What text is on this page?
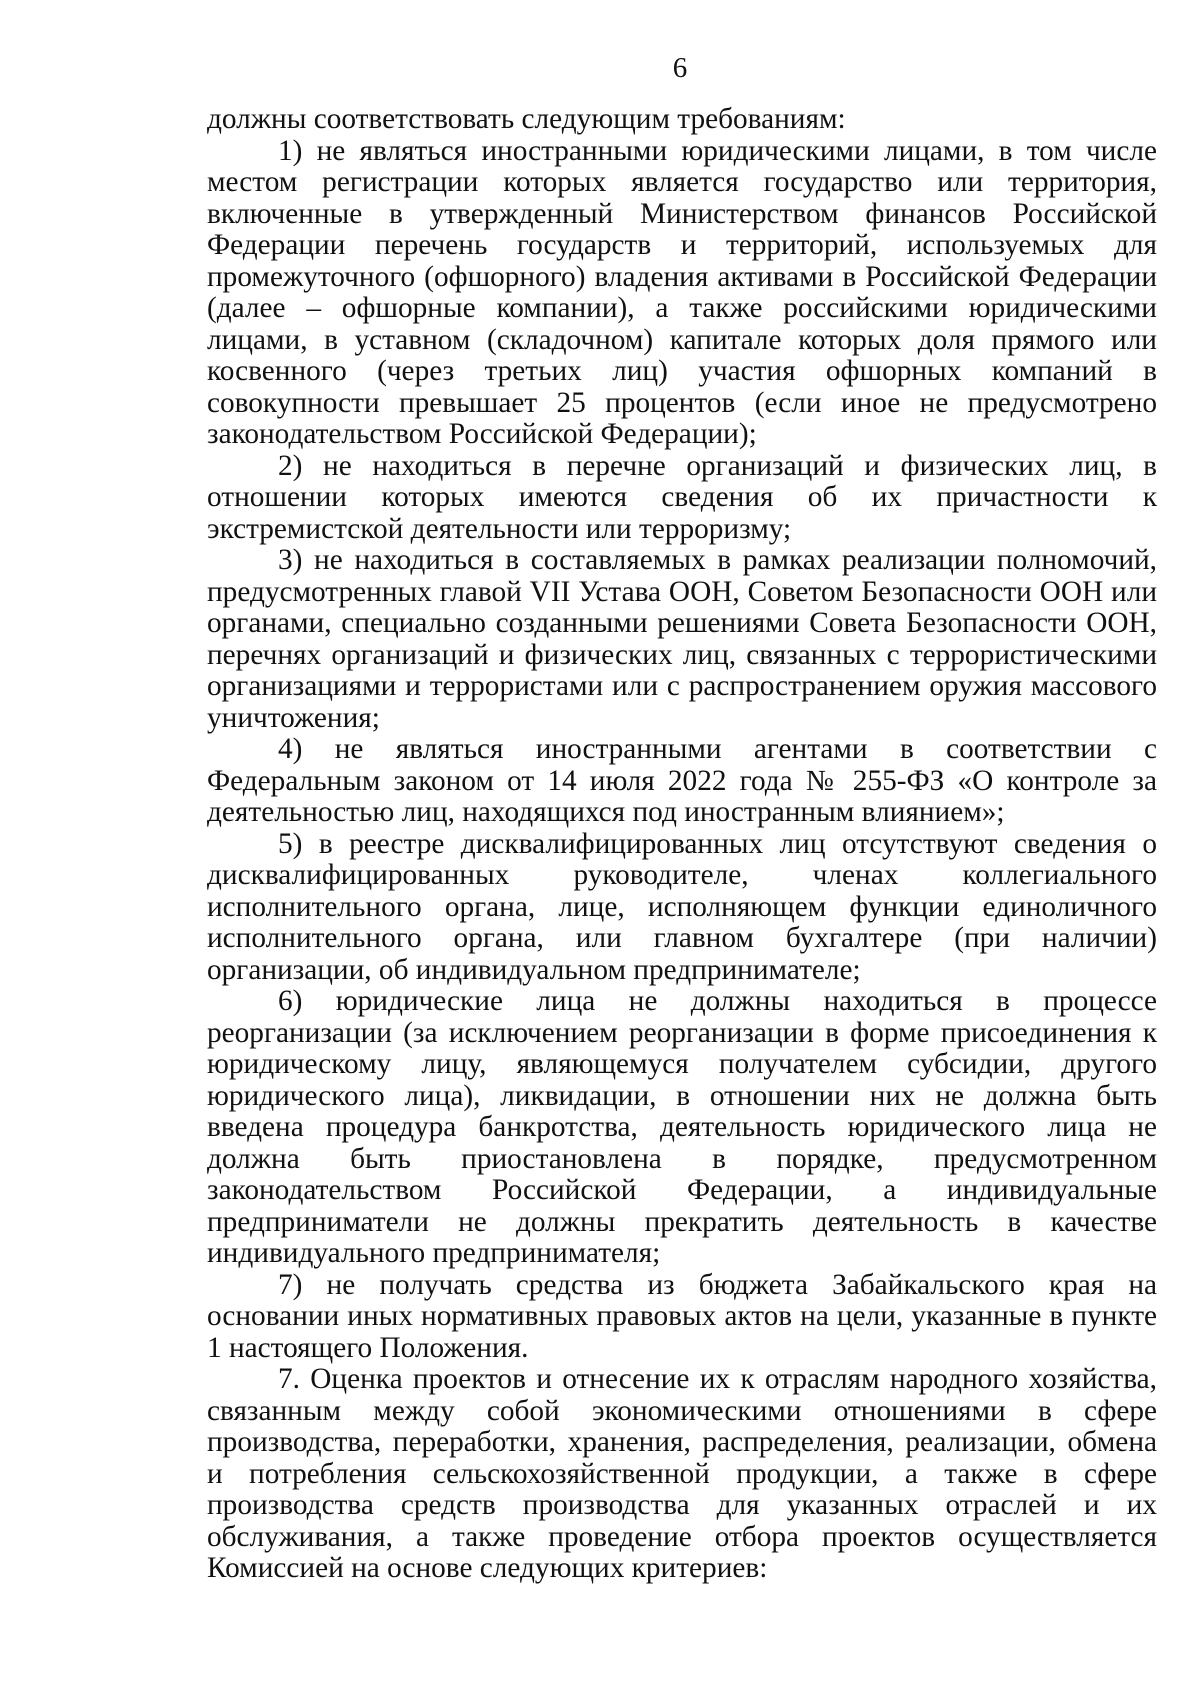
6

должны соответствовать следующим требованиям:

1) не являться иностранными юридическими лицами, в том числе местом регистрации которых является государство или территория, включенные в утвержденный Министерством финансов Российской Федерации перечень государств и территорий, используемых для промежуточного (офшорного) владения активами в Российской Федерации (далее – офшорные компании), а также российскими юридическими лицами, в уставном (складочном) капитале которых доля прямого или косвенного (через третьих лиц) участия офшорных компаний в совокупности превышает 25 процентов (если иное не предусмотрено законодательством Российской Федерации);

2) не находиться в перечне организаций и физических лиц, в отношении которых имеются сведения об их причастности к экстремистской деятельности или терроризму;

3) не находиться в составляемых в рамках реализации полномочий, предусмотренных главой VII Устава ООН, Советом Безопасности ООН или органами, специально созданными решениями Совета Безопасности ООН, перечнях организаций и физических лиц, связанных с террористическими организациями и террористами или с распространением оружия массового уничтожения;

4) не являться иностранными агентами в соответствии с Федеральным законом от 14 июля 2022 года № 255-ФЗ «О контроле за деятельностью лиц, находящихся под иностранным влиянием»;

5) в реестре дисквалифицированных лиц отсутствуют сведения о дисквалифицированных руководителе, членах коллегиального исполнительного органа, лице, исполняющем функции единоличного исполнительного органа, или главном бухгалтере (при наличии) организации, об индивидуальном предпринимателе;

6) юридические лица не должны находиться в процессе реорганизации (за исключением реорганизации в форме присоединения к юридическому лицу, являющемуся получателем субсидии, другого юридического лица), ликвидации, в отношении них не должна быть введена процедура банкротства, деятельность юридического лица не должна быть приостановлена в порядке, предусмотренном законодательством Российской Федерации, а индивидуальные предприниматели не должны прекратить деятельность в качестве индивидуального предпринимателя;

7) не получать средства из бюджета Забайкальского края на основании иных нормативных правовых актов на цели, указанные в пункте 1 настоящего Положения.

7. Оценка проектов и отнесение их к отраслям народного хозяйства, связанным между собой экономическими отношениями в сфере производства, переработки, хранения, распределения, реализации, обмена и потребления сельскохозяйственной продукции, а также в сфере производства средств производства для указанных отраслей и их обслуживания, а также проведение отбора проектов осуществляется Комиссией на основе следующих критериев:
